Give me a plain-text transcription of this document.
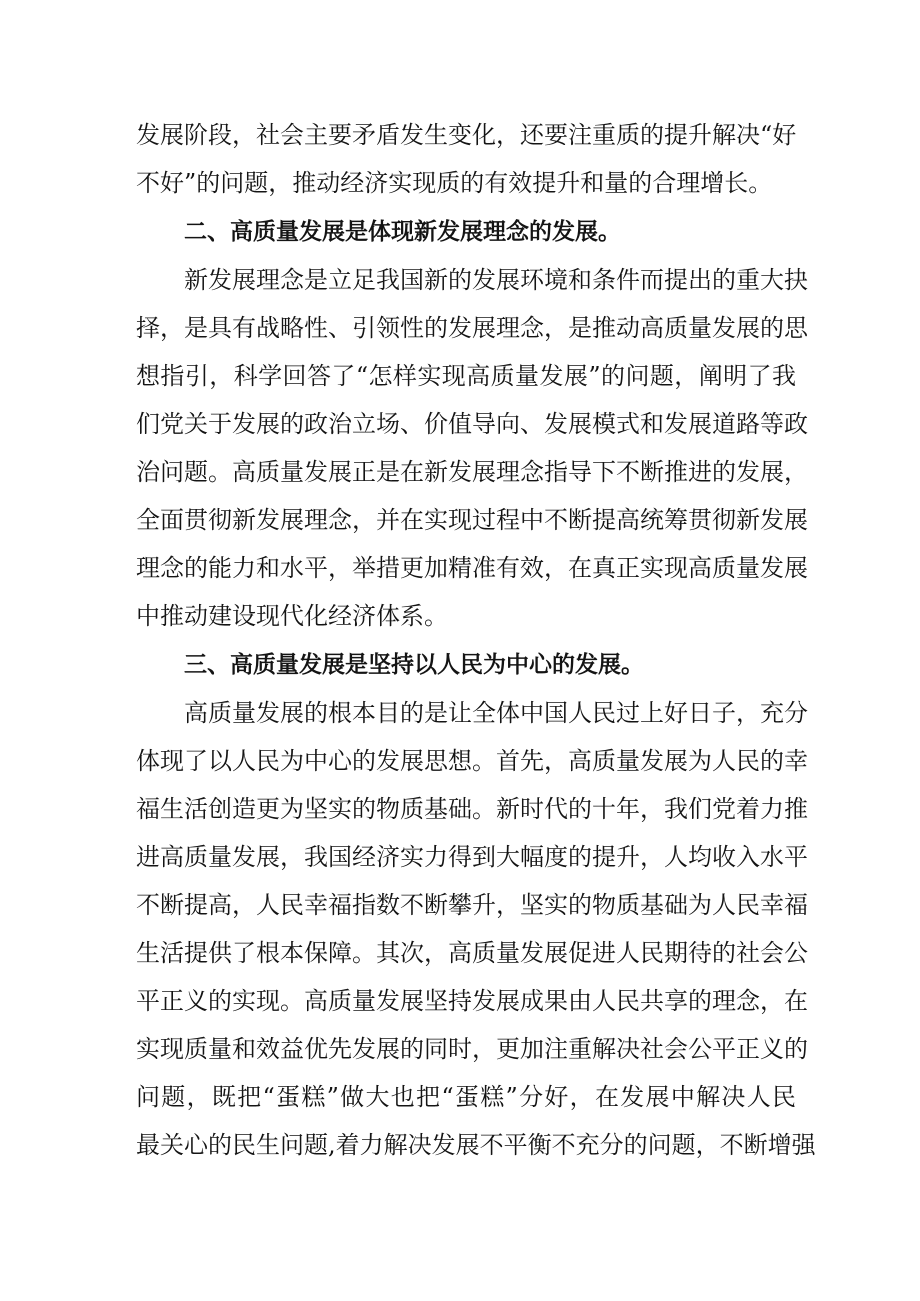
发展阶段，社会主要矛盾发生变化，还要注重质的提升解决“好
不好”的问题，推动经济实现质的有效提升和量的合理增长。
二、高质量发展是体现新发展理念的发展。
新发展理念是立足我国新的发展环境和条件而提出的重大抉
择，是具有战略性、引领性的发展理念，是推动高质量发展的思
想指引，科学回答了“怎样实现高质量发展”的问题，阐明了我
们党关于发展的政治立场、价值导向、发展模式和发展道路等政
治问题。高质量发展正是在新发展理念指导下不断推进的发展，
全面贯彻新发展理念，并在实现过程中不断提高统筹贯彻新发展
理念的能力和水平，举措更加精准有效，在真正实现高质量发展
中推动建设现代化经济体系。
三、高质量发展是坚持以人民为中心的发展。
高质量发展的根本目的是让全体中国人民过上好日子，充分
体现了以人民为中心的发展思想。首先，高质量发展为人民的幸
福生活创造更为坚实的物质基础。新时代的十年，我们党着力推
进高质量发展，我国经济实力得到大幅度的提升，人均收入水平
不断提高，人民幸福指数不断攀升，坚实的物质基础为人民幸福
生活提供了根本保障。其次，高质量发展促进人民期待的社会公
平正义的实现。高质量发展坚持发展成果由人民共享的理念，在
实现质量和效益优先发展的同时，更加注重解决社会公平正义的
问题，既把“蛋糕”做大也把“蛋糕”分好，在发展中解决人民
最关心的民生问题,着力解决发展不平衡不充分的问题，不断增强
